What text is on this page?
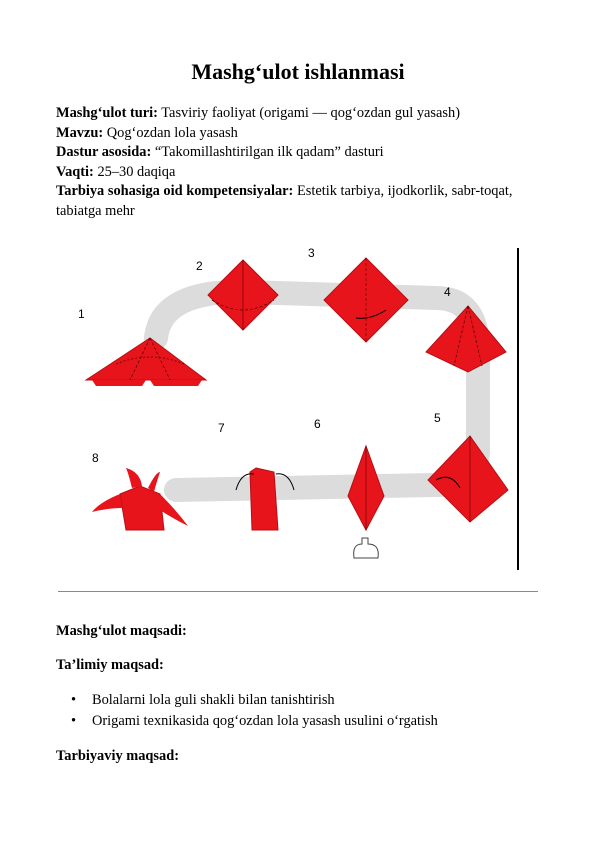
Mashg‘ulot ishlanmasi

Mashg‘ulot turi: Tasviriy faoliyat (origami — qog‘ozdan gul yasash)

Mavzu: Qog‘ozdan lola yasash

Dastur asosida: “Takomillashtirilgan ilk qadam” dasturi

Vaqti: 25–30 daqiqa

Tarbiya sohasiga oid kompetensiyalar: Estetik tarbiya, ijodkorlik, sabr-toqat, tabiatga mehr

1
2
3
4
5
6
7
8
Mashg‘ulot maqsadi:
Ta’limiy maqsad:
• Bolalarni lola guli shakli bilan tanishtirish
• Origami texnikasida qog‘ozdan lola yasash usulini o‘rgatish
Tarbiyaviy maqsad:
